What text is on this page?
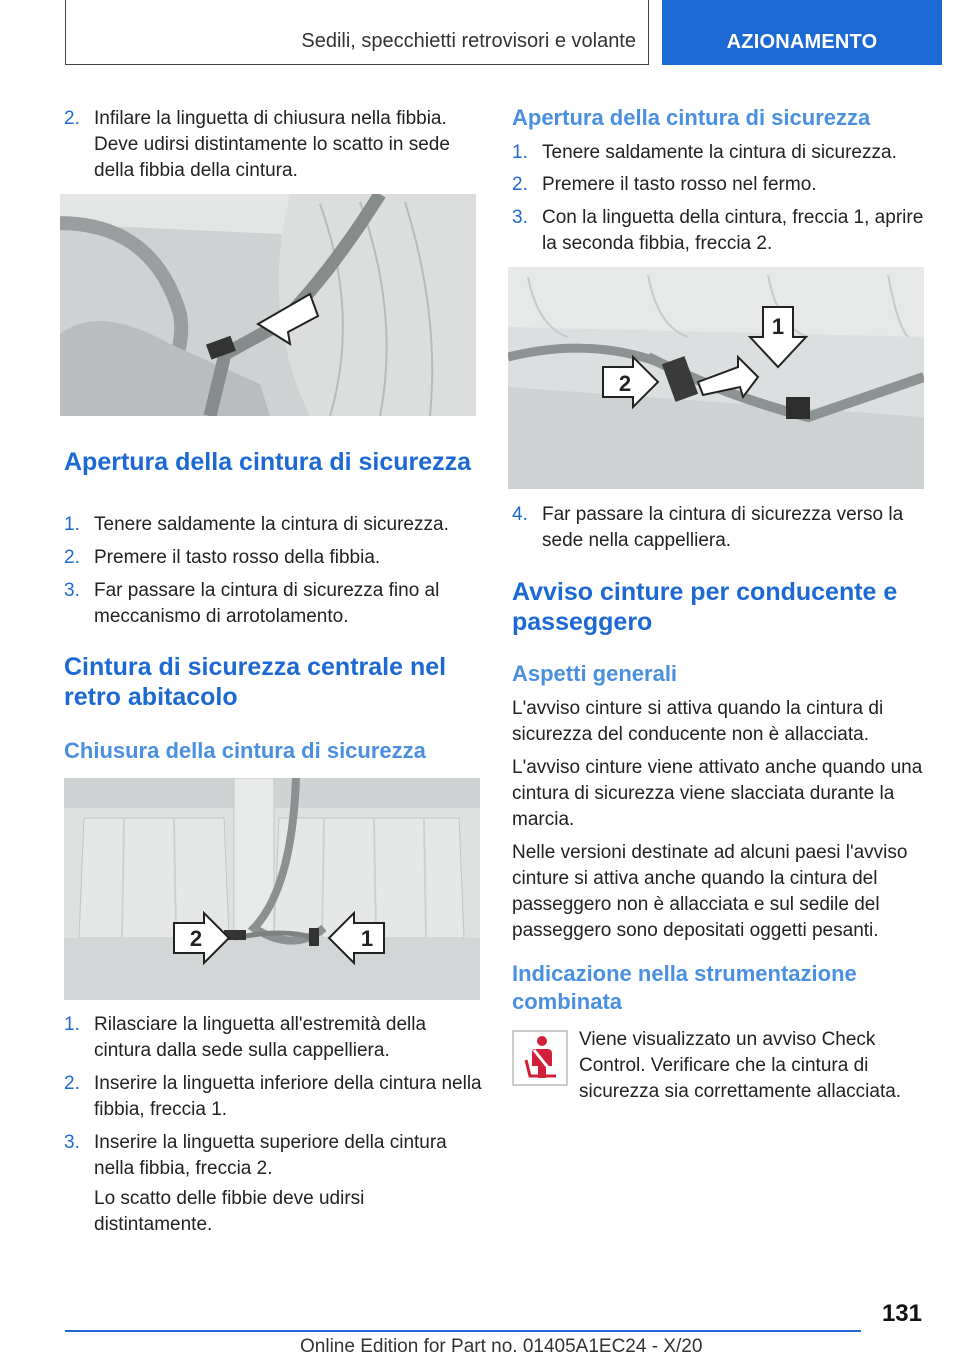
Sedili, specchietti retrovisori e volante	AZIONAMENTO
2. Infilare la linguetta di chiusura nella fibbia. Deve udirsi distintamente lo scatto in sede della fibbia della cintura.
Apertura della cintura di sicurezza
1. Tenere saldamente la cintura di sicurezza.
2. Premere il tasto rosso della fibbia.
3. Far passare la cintura di sicurezza fino al meccanismo di arrotolamento.
Cintura di sicurezza centrale nel retro abitacolo
Chiusura della cintura di sicurezza
2	1
1. Rilasciare la linguetta all'estremità della cintura dalla sede sulla cappelliera.
2. Inserire la linguetta inferiore della cintura nella fibbia, freccia 1.
3. Inserire la linguetta superiore della cintura nella fibbia, freccia 2.
Lo scatto delle fibbie deve udirsi distintamente.
Apertura della cintura di sicurezza
1. Tenere saldamente la cintura di sicurezza.
2. Premere il tasto rosso nel fermo.
3. Con la linguetta della cintura, freccia 1, aprire la seconda fibbia, freccia 2.
2
1
4. Far passare la cintura di sicurezza verso la sede nella cappelliera.
Avviso cinture per conducente e passeggero
Aspetti generali
L'avviso cinture si attiva quando la cintura di sicurezza del conducente non è allacciata.
L'avviso cinture viene attivato anche quando una cintura di sicurezza viene slacciata durante la marcia.
Nelle versioni destinate ad alcuni paesi l'avviso cinture si attiva anche quando la cintura del passeggero non è allacciata e sul sedile del passeggero sono depositati oggetti pesanti.
Indicazione nella strumentazione combinata
Viene visualizzato un avviso Check Control. Verificare che la cintura di sicurezza sia correttamente allacciata.
131
Online Edition for Part no. 01405A1EC24 - X/20
